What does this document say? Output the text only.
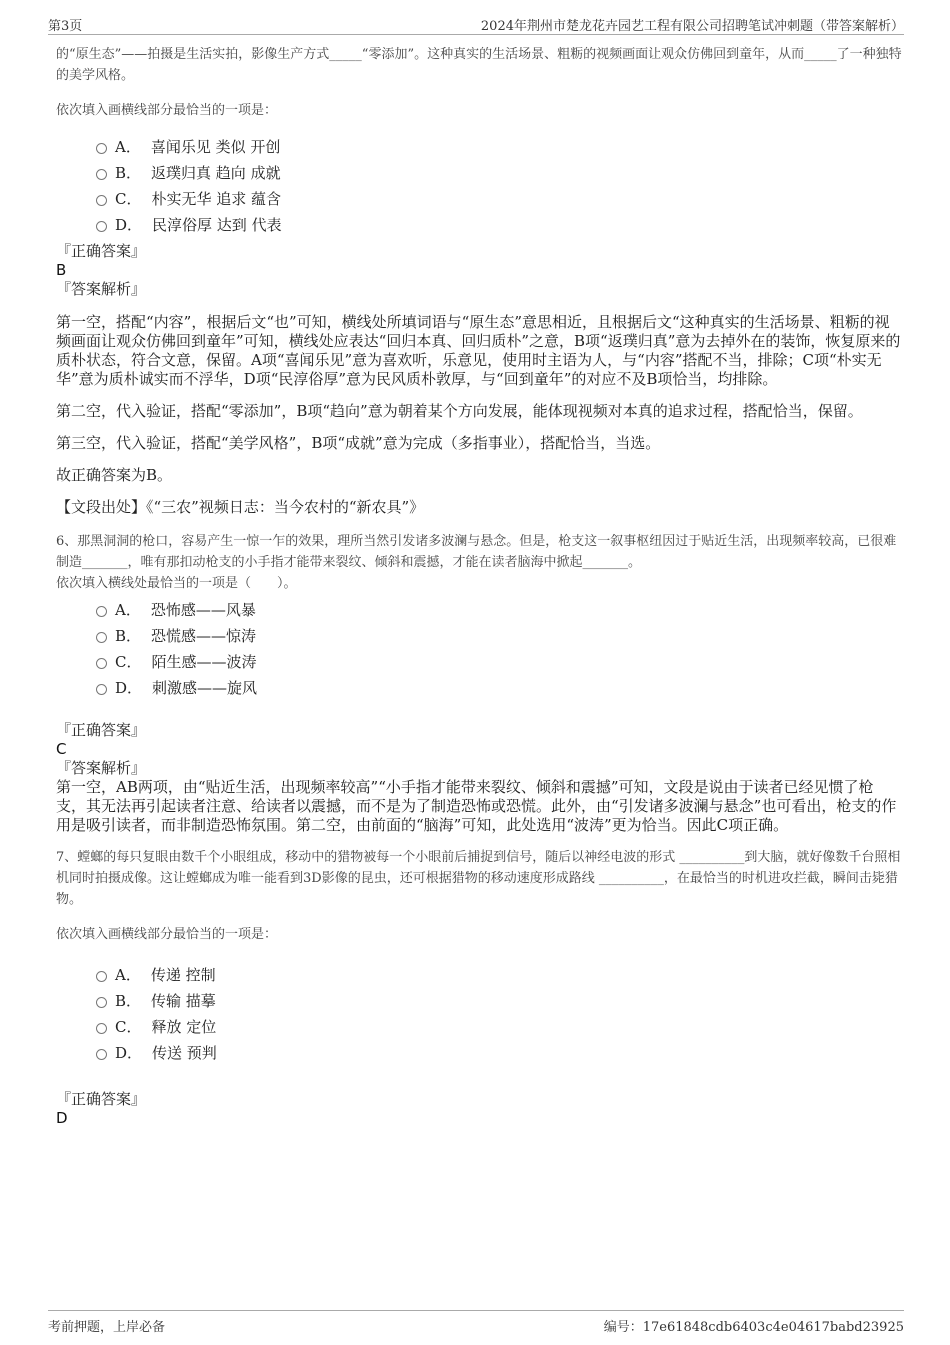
第3页	2024年荆州市楚龙花卉园艺工程有限公司招聘笔试冲刺题（带答案解析）
的“原生态”——拍摄是生活实拍，影像生产方式_____“零添加”。这种真实的生活场景、粗粝的视频画面让观众仿佛回到童年，从而_____了一种独特的美学风格。
依次填入画横线部分最恰当的一项是：
A． 喜闻乐见 类似 开创
B． 返璞归真 趋向 成就
C． 朴实无华 追求 蕴含
D． 民淳俗厚 达到 代表
『正确答案』
B
『答案解析』
第一空，搭配“内容”，根据后文“也”可知，横线处所填词语与“原生态”意思相近，且根据后文“这种真实的生活场景、粗粝的视频画面让观众仿佛回到童年”可知，横线处应表达“回归本真、回归质朴”之意，B项“返璞归真”意为去掉外在的装饰，恢复原来的质朴状态，符合文意，保留。A项“喜闻乐见”意为喜欢听，乐意见，使用时主语为人，与“内容”搭配不当，排除；C项“朴实无华”意为质朴诚实而不浮华，D项“民淳俗厚”意为民风质朴敦厚，与“回到童年”的对应不及B项恰当，均排除。
第二空，代入验证，搭配“零添加”，B项“趋向”意为朝着某个方向发展，能体现视频对本真的追求过程，搭配恰当，保留。
第三空，代入验证，搭配“美学风格”，B项“成就”意为完成（多指事业），搭配恰当，当选。
故正确答案为B。
【文段出处】《“三农”视频日志：当今农村的“新农具”》
6、那黑洞洞的枪口，容易产生一惊一乍的效果，理所当然引发诸多波澜与悬念。但是，枪支这一叙事枢纽因过于贴近生活，出现频率较高，已很难制造_______，唯有那扣动枪支的小手指才能带来裂纹、倾斜和震撼，才能在读者脑海中掀起_______。
依次填入横线处最恰当的一项是（　　）。
A． 恐怖感——风暴
B． 恐慌感——惊涛
C． 陌生感——波涛
D． 刺激感——旋风
『正确答案』
C
『答案解析』
第一空，AB两项，由“贴近生活，出现频率较高”“小手指才能带来裂纹、倾斜和震撼”可知，文段是说由于读者已经见惯了枪支，其无法再引起读者注意、给读者以震撼，而不是为了制造恐怖或恐慌。此外，由“引发诸多波澜与悬念”也可看出，枪支的作用是吸引读者，而非制造恐怖氛围。第二空，由前面的“脑海”可知，此处选用“波涛”更为恰当。因此C项正确。
7、螳螂的每只复眼由数千个小眼组成，移动中的猎物被每一个小眼前后捕捉到信号，随后以神经电波的形式 __________到大脑，就好像数千台照相机同时拍摄成像。这让螳螂成为唯一能看到3D影像的昆虫，还可根据猎物的移动速度形成路线 __________，在最恰当的时机进攻拦截，瞬间击毙猎物。
依次填入画横线部分最恰当的一项是：
A． 传递 控制
B． 传输 描摹
C． 释放 定位
D． 传送 预判
『正确答案』
D
考前押题，上岸必备	编号：17e61848cdb6403c4e04617babd23925
